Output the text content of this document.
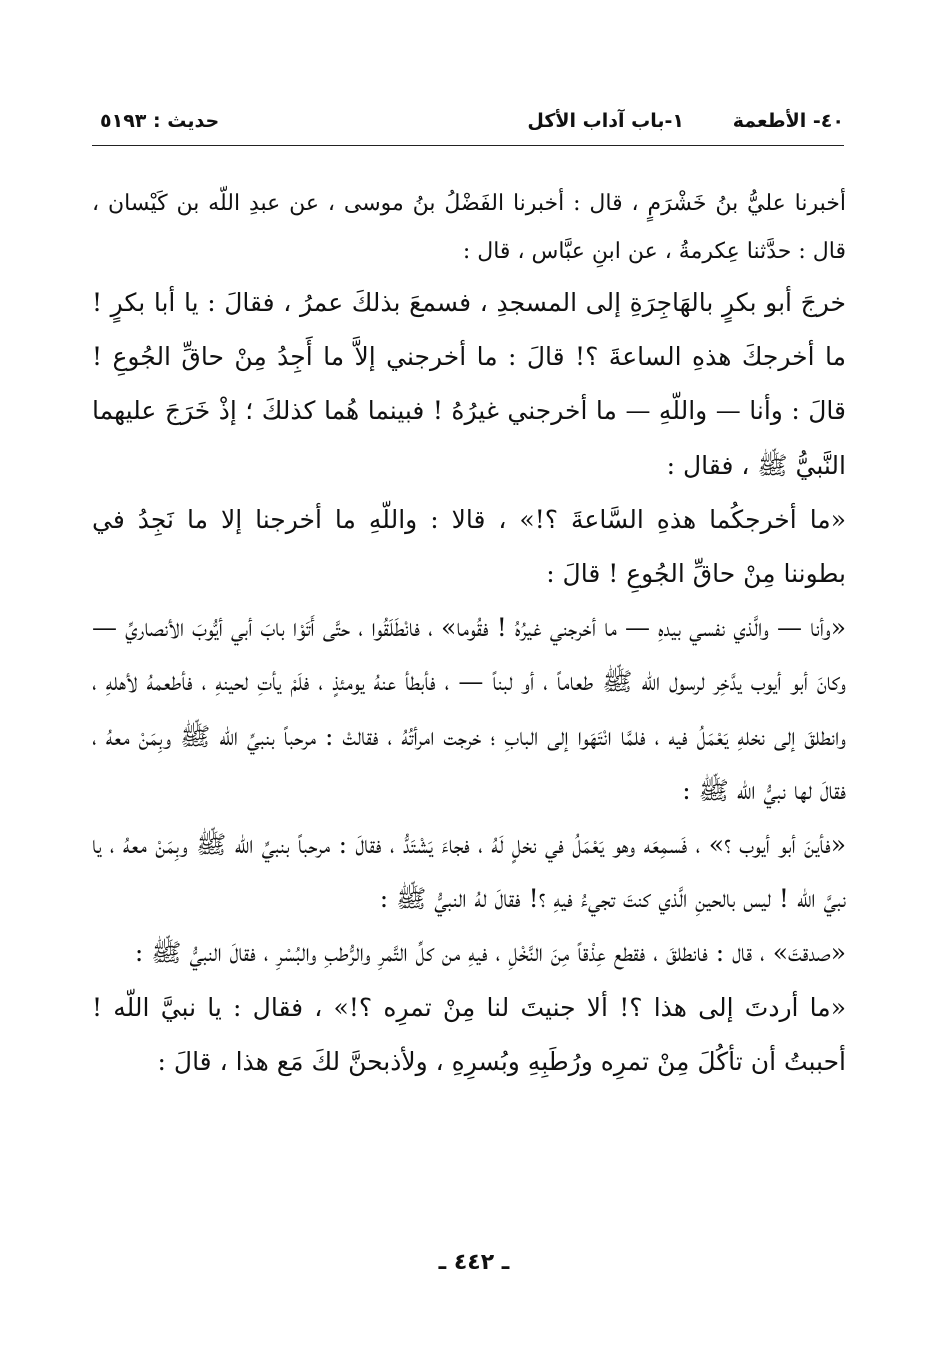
٤٠- الأطعمة
١-باب آداب الأكل
حديث : ٥١٩٣

أخبرنا عليُّ بنُ خَشْرَمٍ ، قال : أخبرنا الفَضْلُ بنُ موسى ، عن عبدِ اللّه بن كَيْسان ، قال : حدَّثنا عِكرمةُ ، عن ابنِ عبَّاس ، قال :

خرجَ أبو بكرٍ بالهَاجِرَةِ إلى المسجدِ ، فسمعَ بذلكَ عمرُ ، فقالَ : يا أبا بكرٍ ! ما أخرجكَ هذهِ الساعةَ ؟! قالَ : ما أخرجني إلاَّ ما أَجِدُ مِنْ حاقِّ الجُوعِ ! قالَ : وأنا — واللّهِ — ما أخرجني غيرُهُ ! فبينما هُما كذلكَ ؛ إذْ خَرَجَ عليهما النَّبيُّ ﷺ ، فقال :

«ما أخرجكُما هذهِ السَّاعةَ ؟!» ، قالا : واللّهِ ما أخرجنا إلا ما نَجِدُ في بطوننا مِنْ حاقِّ الجُوعِ ! قالَ :

«وأنا — والَّذي نفسي بيدهِ — ما أخرجني غيرُهُ ! فقُوما» ، فانْطَلَقُوا ، حتَّى أَتَوْا بابَ أبي أيُّوبَ الأنصاريِّ — وكانَ أبو أيوب يدَّخِر لرسول اللّه ﷺ طعاماً ، أو لبناً — ، فأبطأ عنهُ يومئذٍ ، فلَمْ يأتِ لحينهِ ، فأطعمهُ لأهلهِ ، وانطلقَ إلى نخلهِ يَعْمَلُ فيه ، فلمَّا انْتَهَوا إلى البابِ ؛ خرجت امرأتُهُ ، فقالتْ : مرحباً بنبيِّ اللّه ﷺ وبِمَنْ معهُ ، فقالَ لها نبيُّ اللّه ﷺ :

«فأينَ أبو أيوب ؟» ، فَسمِعَه وهو يَعْمَلُ في نخلٍ لَهُ ، فجاءَ يَشْتَدُّ ، فقالَ : مرحباً بنبيِّ اللّه ﷺ وبِمَنْ معهُ ، يا نبيَّ اللّه ! ليس بالحينِ الَّذي كنتَ تجيءُ فيهِ ؟! فقالَ لهُ النبيُّ ﷺ :

«صدقتَ» ، قال : فانطلقَ ، فقطع عِذْقاً مِنَ النَّخْلِ ، فيهِ من كلِّ التَّمرِ والرُّطبِ والبُسْرِ ، فقالَ النبيُّ ﷺ :

«ما أردتَ إلى هذا ؟! ألا جنيتَ لنا مِنْ تمرِه ؟!» ، فقال : يا نبيَّ اللّه ! أحببتُ أن تأكُلَ مِنْ تمرِه ورُطَبِهِ وبُسرِهِ ، ولأذبحنَّ لكَ مَع هذا ، قالَ :

ـ ٤٤٢ ـ
